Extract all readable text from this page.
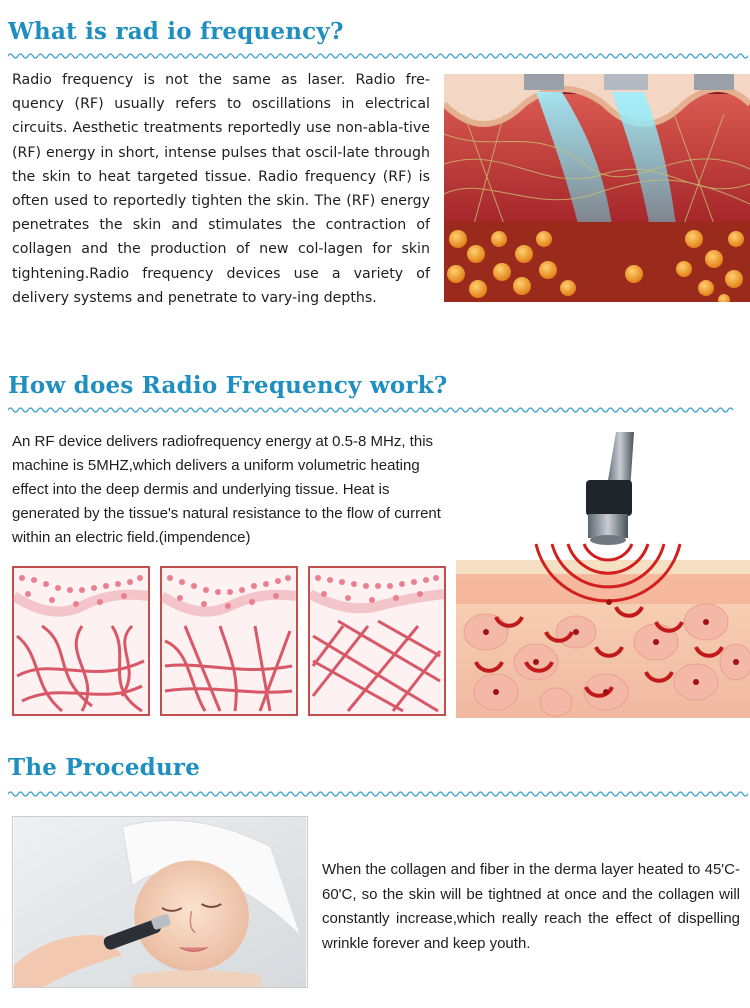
What is rad io frequency?
Radio frequency is not the same as laser. Radio fre-quency (RF) usually refers to oscillations in electrical circuits. Aesthetic treatments reportedly use non-abla-tive (RF) energy in short, intense pulses that oscil-late through the skin to heat targeted tissue. Radio frequency (RF) is often used to reportedly tighten the skin. The (RF) energy penetrates the skin and stimulates the contraction of collagen and the production of new col-lagen for skin tightening.Radio frequency devices use a variety of delivery systems and penetrate to vary-ing depths.
How does Radio Frequency work?
An RF device delivers radiofrequency energy at 0.5-8 MHz, this machine is 5MHZ,which delivers a uniform volumetric heating effect into the deep dermis and underlying tissue. Heat is generated by the tissue's natural resistance to the flow of current within an electric field.(impendence)
The Procedure
When the collagen and fiber in the derma layer heated to 45'C-60'C, so the skin will be tightned at once and the collagen will constantly increase,which really reach the effect of dispelling wrinkle forever and keep youth.
